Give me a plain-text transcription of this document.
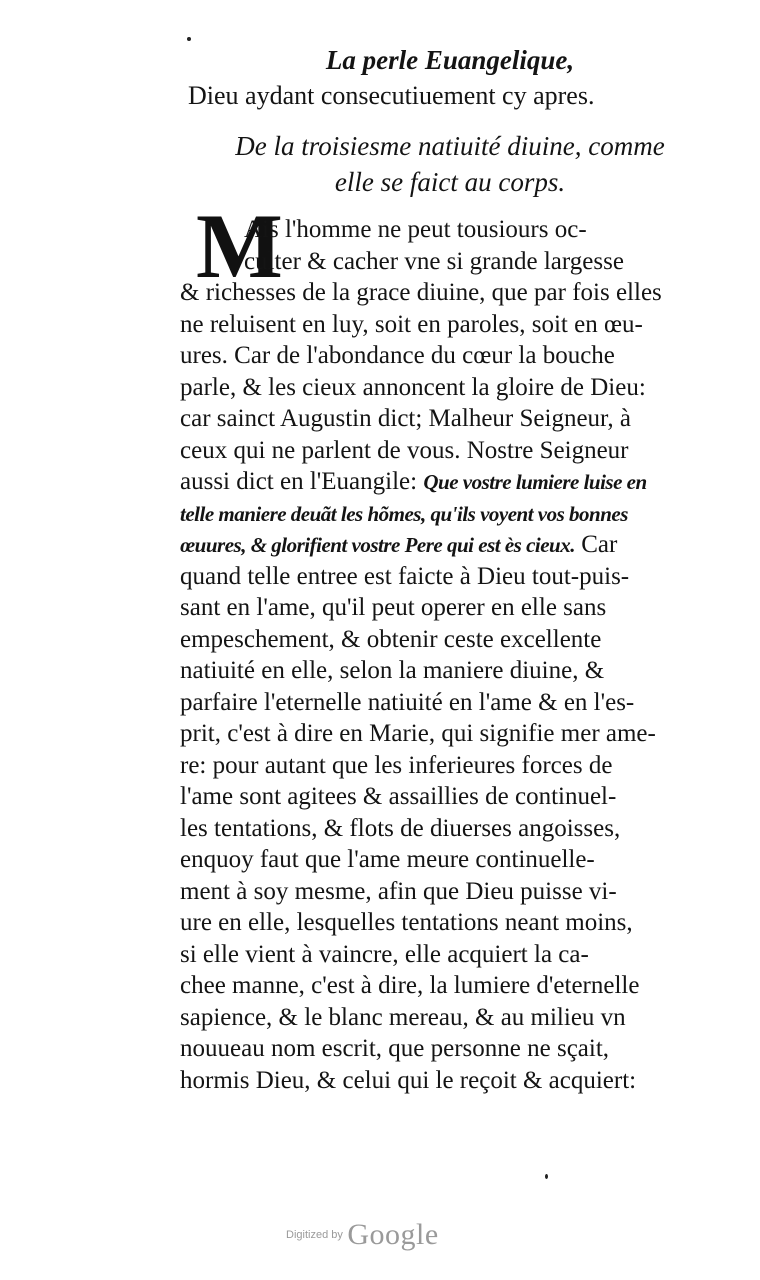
La perle Euangelique,
Dieu aydant consecutiuement cy apres.
De la troisiesme natiuité diuine, comme
elle se faict au corps.
M
Ais l'homme ne peut tousiours oc-
culter & cacher vne si grande largesse
& richesses de la grace diuine, que par fois elles
ne reluisent en luy, soit en paroles, soit en œu-
ures. Car de l'abondance du cœur la bouche
parle, & les cieux annoncent la gloire de Dieu:
car sainct Augustin dict; Malheur Seigneur, à
ceux qui ne parlent de vous. Nostre Seigneur
aussi dict en l'Euangile: Que vostre lumiere luise en
telle maniere deuãt les hõmes, qu'ils voyent vos bonnes
œuures, & glorifient vostre Pere qui est ès cieux. Car
quand telle entree est faicte à Dieu tout-puis-
sant en l'ame, qu'il peut operer en elle sans
empeschement, & obtenir ceste excellente
natiuité en elle, selon la maniere diuine, &
parfaire l'eternelle natiuité en l'ame & en l'es-
prit, c'est à dire en Marie, qui signifie mer ame-
re: pour autant que les inferieures forces de
l'ame sont agitees & assaillies de continuel-
les tentations, & flots de diuerses angoisses,
enquoy faut que l'ame meure continuelle-
ment à soy mesme, afin que Dieu puisse vi-
ure en elle, lesquelles tentations neant moins,
si elle vient à vaincre, elle acquiert la ca-
chee manne, c'est à dire, la lumiere d'eternelle
sapience, & le blanc mereau, & au milieu vn
nouueau nom escrit, que personne ne sçait,
hormis Dieu, & celui qui le reçoit & acquiert:
Digitized by Google
